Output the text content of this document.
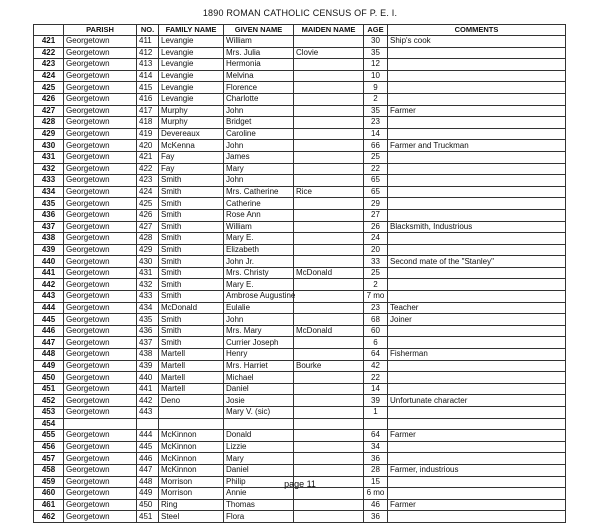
1890 ROMAN CATHOLIC CENSUS OF P. E. I.
	PARISH	NO.	FAMILY NAME	GIVEN NAME	MAIDEN NAME	AGE	COMMENTS
421	Georgetown	411	Levangie	William		30	Ship's cook
422	Georgetown	412	Levangie	Mrs. Julia	Clovie	35	
423	Georgetown	413	Levangie	Hermonia		12	
424	Georgetown	414	Levangie	Melvina		10	
425	Georgetown	415	Levangie	Florence		9	
426	Georgetown	416	Levangie	Charlotte		2	
427	Georgetown	417	Murphy	John		35	Farmer
428	Georgetown	418	Murphy	Bridget		23	
429	Georgetown	419	Devereaux	Caroline		14	
430	Georgetown	420	McKenna	John		66	Farmer and Truckman
431	Georgetown	421	Fay	James		25	
432	Georgetown	422	Fay	Mary		22	
433	Georgetown	423	Smith	John		65	
434	Georgetown	424	Smith	Mrs. Catherine	Rice	65	
435	Georgetown	425	Smith	Catherine		29	
436	Georgetown	426	Smith	Rose Ann		27	
437	Georgetown	427	Smith	William		26	Blacksmith, Industrious
438	Georgetown	428	Smith	Mary E.		24	
439	Georgetown	429	Smith	Elizabeth		20	
440	Georgetown	430	Smith	John Jr.		33	Second mate of the "Stanley"
441	Georgetown	431	Smith	Mrs. Christy	McDonald	25	
442	Georgetown	432	Smith	Mary E.		2	
443	Georgetown	433	Smith	Ambrose Augustine		7 mo	
444	Georgetown	434	McDonald	Eulalie		23	Teacher
445	Georgetown	435	Smith	John		68	Joiner
446	Georgetown	436	Smith	Mrs. Mary	McDonald	60	
447	Georgetown	437	Smith	Currier Joseph		6	
448	Georgetown	438	Martell	Henry		64	Fisherman
449	Georgetown	439	Martell	Mrs. Harriet	Bourke	42	
450	Georgetown	440	Martell	Michael		22	
451	Georgetown	441	Martell	Daniel		14	
452	Georgetown	442	Deno	Josie		39	Unfortunate character
453	Georgetown	443		Mary V. (sic)		1	
454							
455	Georgetown	444	McKinnon	Donald		64	Farmer
456	Georgetown	445	McKinnon	Lizzie		34	
457	Georgetown	446	McKinnon	Mary		36	
458	Georgetown	447	McKinnon	Daniel		28	Farmer, industrious
459	Georgetown	448	Morrison	Philip		15	
460	Georgetown	449	Morrison	Annie		6 mo	
461	Georgetown	450	Ring	Thomas		46	Farmer
462	Georgetown	451	Steel	Flora		36	
page 11
